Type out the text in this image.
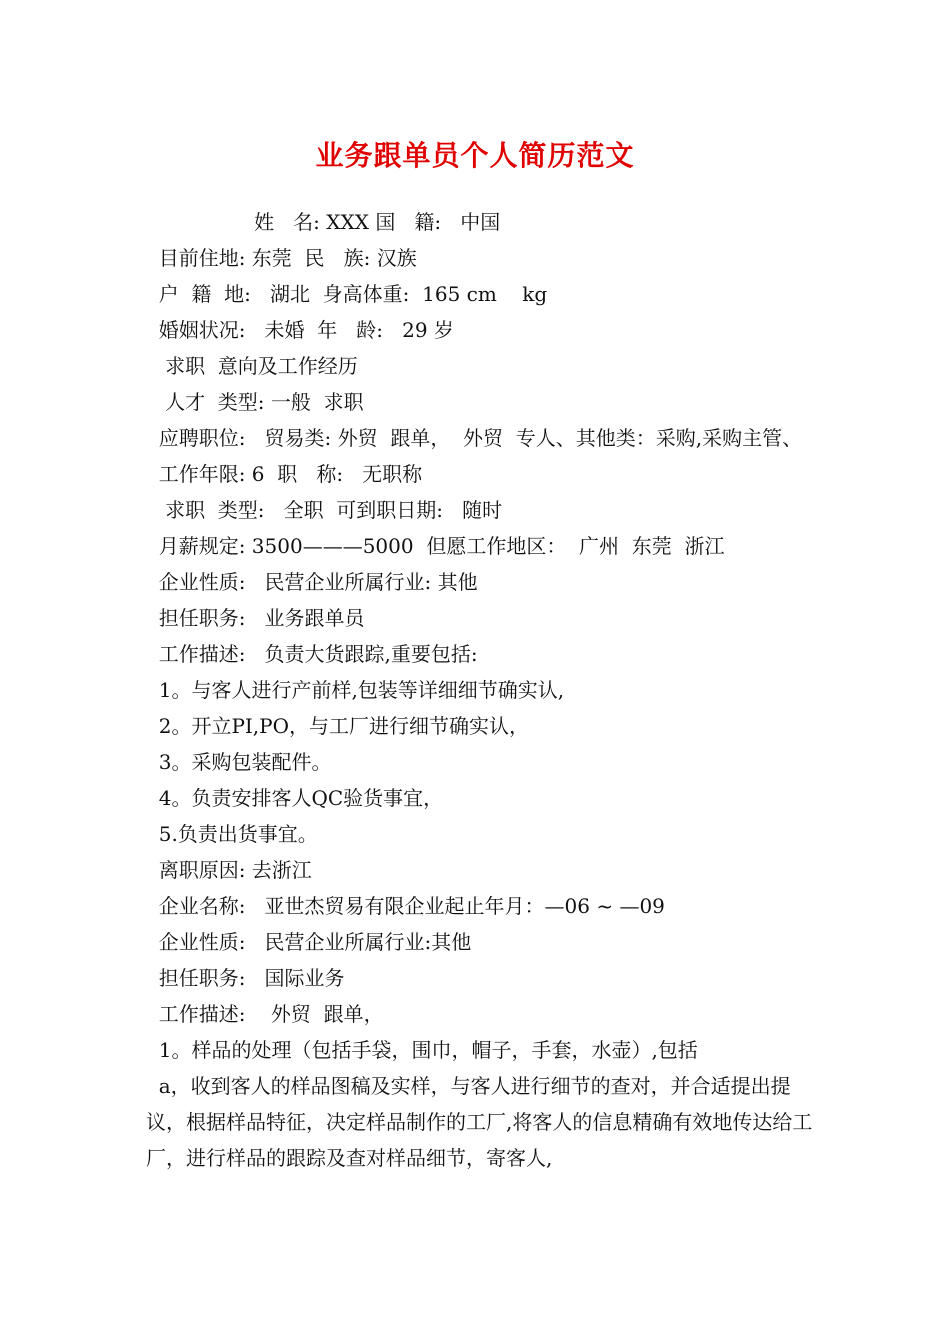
业务跟单员个人简历范文
姓   名: XXX 国   籍:   中国
目前住地: 东莞  民   族: 汉族
户  籍  地:   湖北  身高体重:  165 cm    kg
婚姻状况:   未婚  年   龄:   29 岁
求职  意向及工作经历
人才  类型: 一般  求职
应聘职位:   贸易类: 外贸  跟单，  外贸  专人、其他类：采购,采购主管、
工作年限: 6  职   称:   无职称
求职  类型:   全职  可到职日期:   随时
月薪规定: 3500———5000  但愿工作地区：  广州  东莞  浙江
企业性质:   民营企业所属行业: 其他
担任职务:   业务跟单员
工作描述:   负责大货跟踪,重要包括:
1。与客人进行产前样,包装等详细细节确实认,
2。开立PI,PO，与工厂进行细节确实认，
3。采购包装配件。
4。负责安排客人QC验货事宜，
5.负责出货事宜。
离职原因: 去浙江
企业名称:   亚世杰贸易有限企业起止年月：—06 ~ —09
企业性质:   民营企业所属行业:其他
担任职务:   国际业务
工作描述:    外贸  跟单，
1。样品的处理（包括手袋，围巾，帽子，手套，水壶）,包括
a，收到客人的样品图稿及实样，与客人进行细节的查对，并合适提出提议，根据样品特征，决定样品制作的工厂,将客人的信息精确有效地传达给工厂，进行样品的跟踪及查对样品细节，寄客人,
